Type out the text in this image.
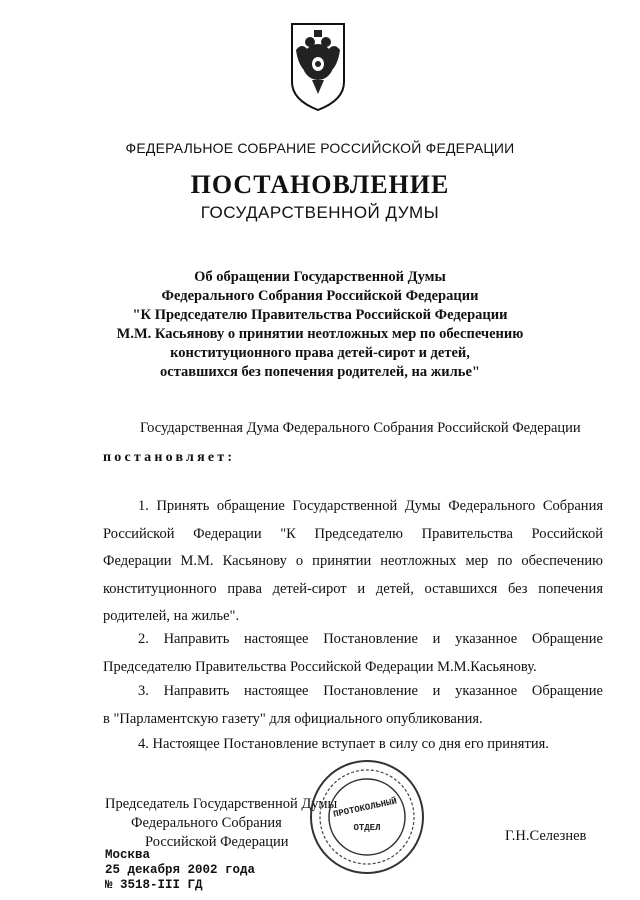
ФЕДЕРАЛЬНОЕ СОБРАНИЕ РОССИЙСКОЙ ФЕДЕРАЦИИ
ПОСТАНОВЛЕНИЕ
ГОСУДАРСТВЕННОЙ ДУМЫ
Об обращении Государственной Думы
Федерального Собрания Российской Федерации
"К Председателю Правительства Российской Федерации
М.М. Касьянову о принятии неотложных мер по обеспечению
конституционного права детей-сирот и детей,
оставшихся без попечения родителей, на жилье"
Государственная Дума Федерального Собрания Российской Федерации
постановляет:
1. Принять обращение Государственной Думы Федерального Собрания
Российской Федерации "К Председателю Правительства Российской
Федерации М.М. Касьянову о принятии неотложных мер по обеспечению
конституционного права детей-сирот и детей, оставшихся без попечения
родителей, на жилье".
2. Направить настоящее Постановление и указанное Обращение
Председателю Правительства Российской Федерации М.М.Касьянову.
3. Направить настоящее Постановление и указанное Обращение
в "Парламентскую газету" для официального опубликования.
4. Настоящее Постановление вступает в силу со дня его принятия.
Председатель Государственной Думы
Федерального Собрания
Российской Федерации	Г.Н.Селезнев
Москва
25 декабря 2002 года
№ 3518-III ГД
ПРОТОКОЛЬНЫЙ
ОТДЕЛ
